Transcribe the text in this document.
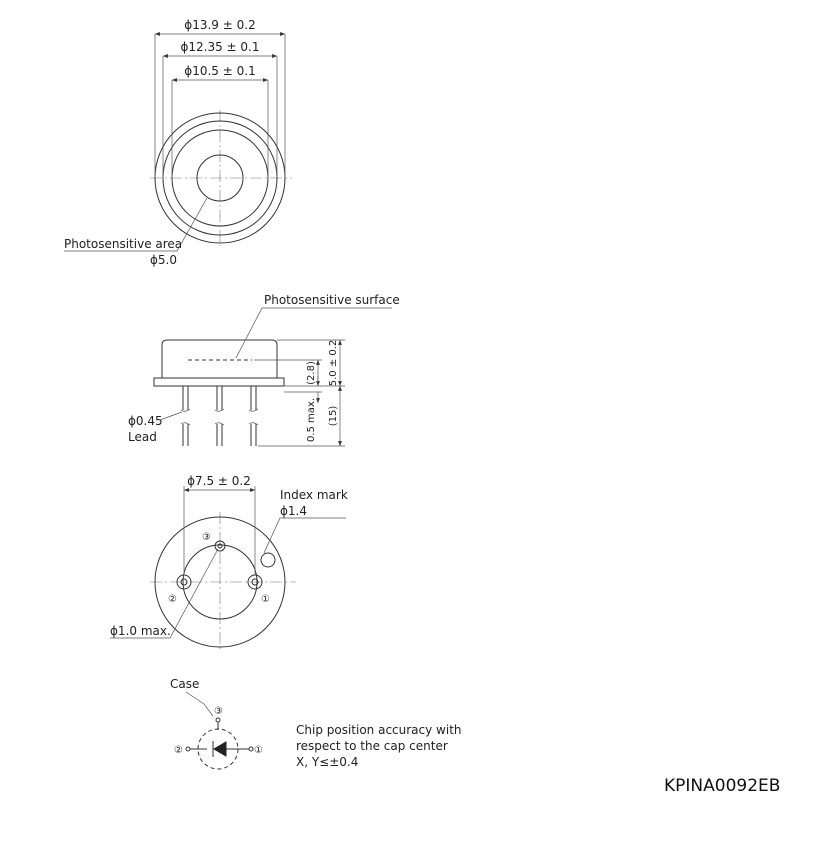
ϕ13.9 ± 0.2
ϕ12.35 ± 0.1
ϕ10.5 ± 0.1
Photosensitive area
ϕ5.0
Photosensitive surface
ϕ0.45
Lead
(2.8) 5.0 ± 0.2
0.5 max. (15)
ϕ7.5 ± 0.2
Index mark
ϕ1.4
③
②	①
ϕ1.0 max.
Case
③
②	①
Chip position accuracy with
respect to the cap center
X, Y≤±0.4
KPINA0092EB
